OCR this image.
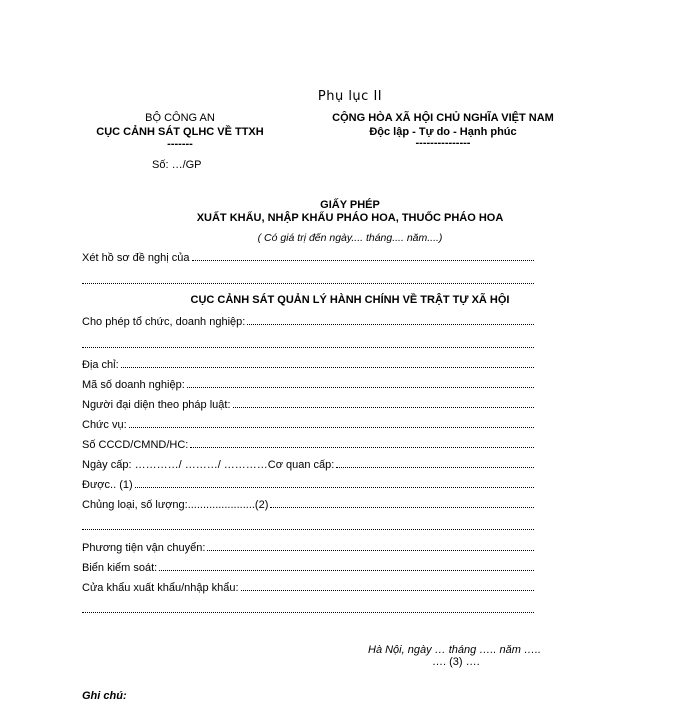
Phụ lục II
BỘ CÔNG AN
CỤC CẢNH SÁT QLHC VỀ TTXH
-------
Số: …/GP
CỘNG HÒA XÃ HỘI CHỦ NGHĨA VIỆT NAM
Độc lập - Tự do - Hạnh phúc
---------------
GIẤY PHÉP
XUẤT KHẨU, NHẬP KHẨU PHÁO HOA, THUỐC PHÁO HOA
( Có giá trị đến ngày.... tháng.... năm....)
Xét hồ sơ đề nghị của
CỤC CẢNH SÁT QUẢN LÝ HÀNH CHÍNH VỀ TRẬT TỰ XÃ HỘI
Cho phép tổ chức, doanh nghiệp:
Địa chỉ:
Mã số doanh nghiệp:
Người đại diện theo pháp luật:
Chức vụ:
Số CCCD/CMND/HC:
Ngày cấp: …………/ ………/ …………Cơ quan cấp:
Được.. (1)
Chủng loại, số lượng:......................(2)
Phương tiện vận chuyển:
Biển kiểm soát:
Cửa khẩu xuất khẩu/nhập khẩu:
Hà Nội, ngày … tháng ….. năm …..
…. (3) ….
Ghi chú:
